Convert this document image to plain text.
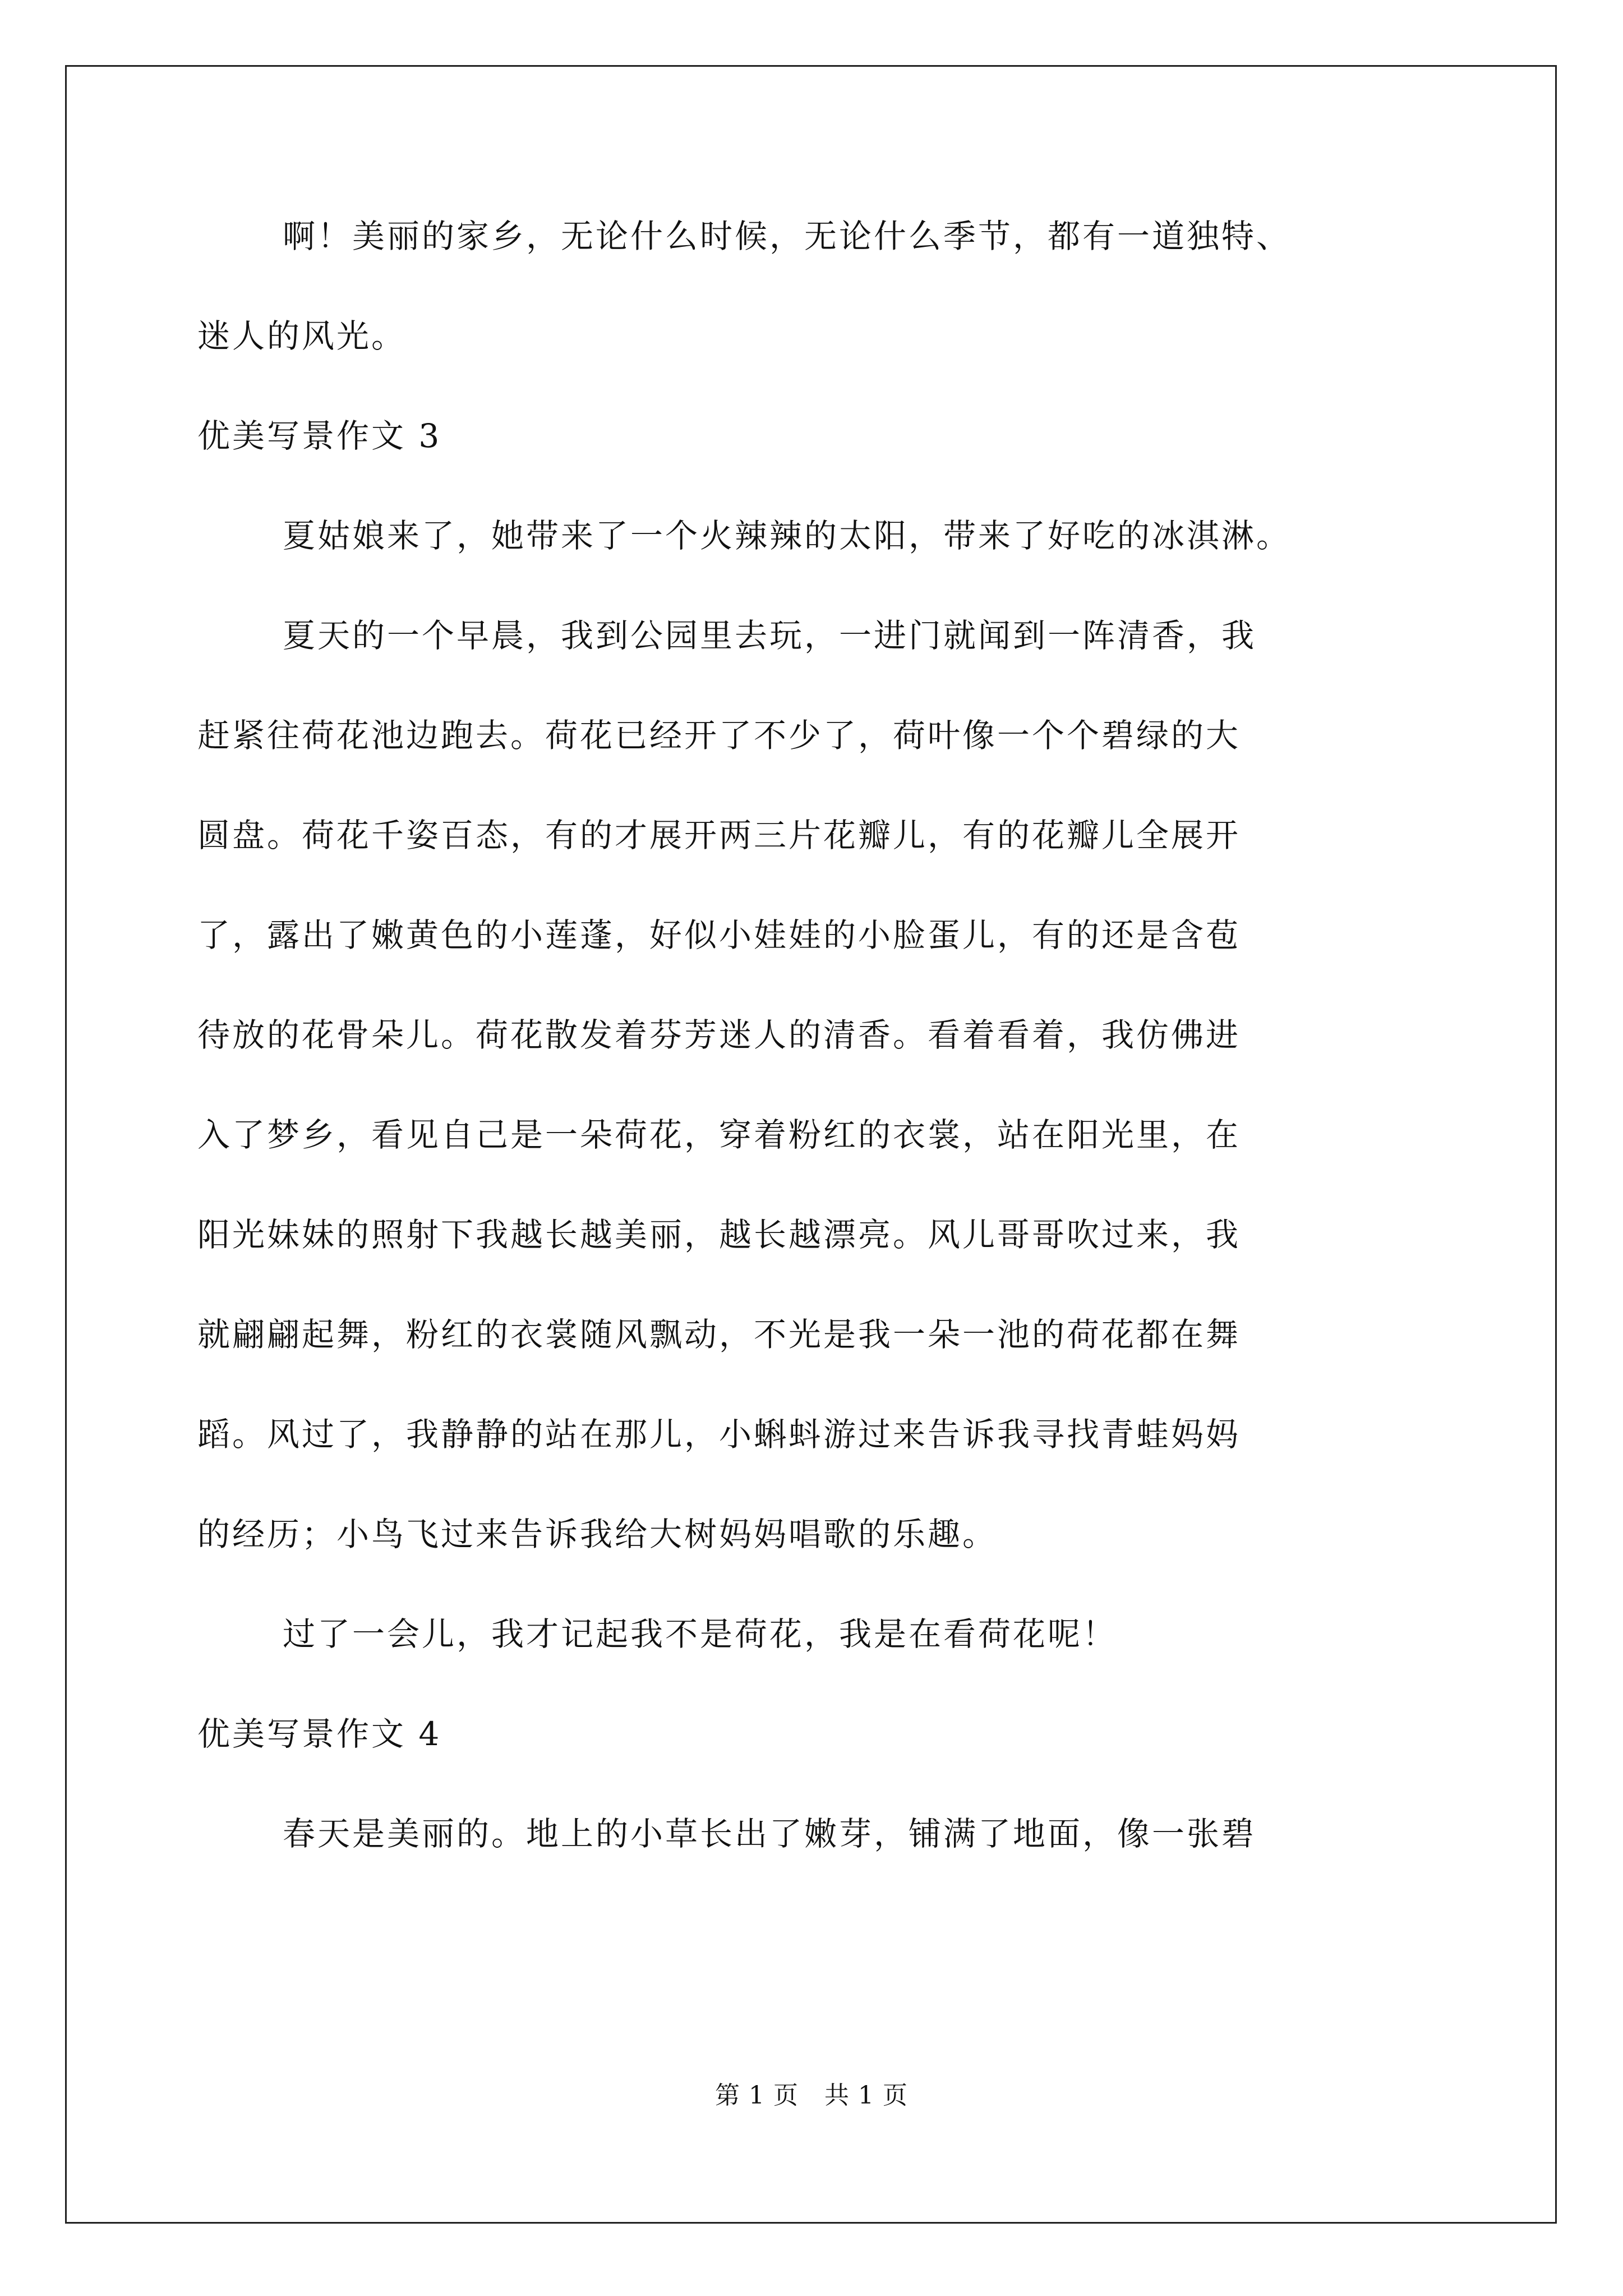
啊！美丽的家乡，无论什么时候，无论什么季节，都有一道独特、
迷人的风光。
优美写景作文 3
夏姑娘来了，她带来了一个火辣辣的太阳，带来了好吃的冰淇淋。
夏天的一个早晨，我到公园里去玩，一进门就闻到一阵清香，我
赶紧往荷花池边跑去。荷花已经开了不少了，荷叶像一个个碧绿的大
圆盘。荷花千姿百态，有的才展开两三片花瓣儿，有的花瓣儿全展开
了，露出了嫩黄色的小莲蓬，好似小娃娃的小脸蛋儿，有的还是含苞
待放的花骨朵儿。荷花散发着芬芳迷人的清香。看着看着，我仿佛进
入了梦乡，看见自己是一朵荷花，穿着粉红的衣裳，站在阳光里，在
阳光妹妹的照射下我越长越美丽，越长越漂亮。风儿哥哥吹过来，我
就翩翩起舞，粉红的衣裳随风飘动，不光是我一朵一池的荷花都在舞
蹈。风过了，我静静的站在那儿，小蝌蚪游过来告诉我寻找青蛙妈妈
的经历；小鸟飞过来告诉我给大树妈妈唱歌的乐趣。
过了一会儿，我才记起我不是荷花，我是在看荷花呢！
优美写景作文 4
春天是美丽的。地上的小草长出了嫩芽，铺满了地面，像一张碧
第 1 页 共 1 页
